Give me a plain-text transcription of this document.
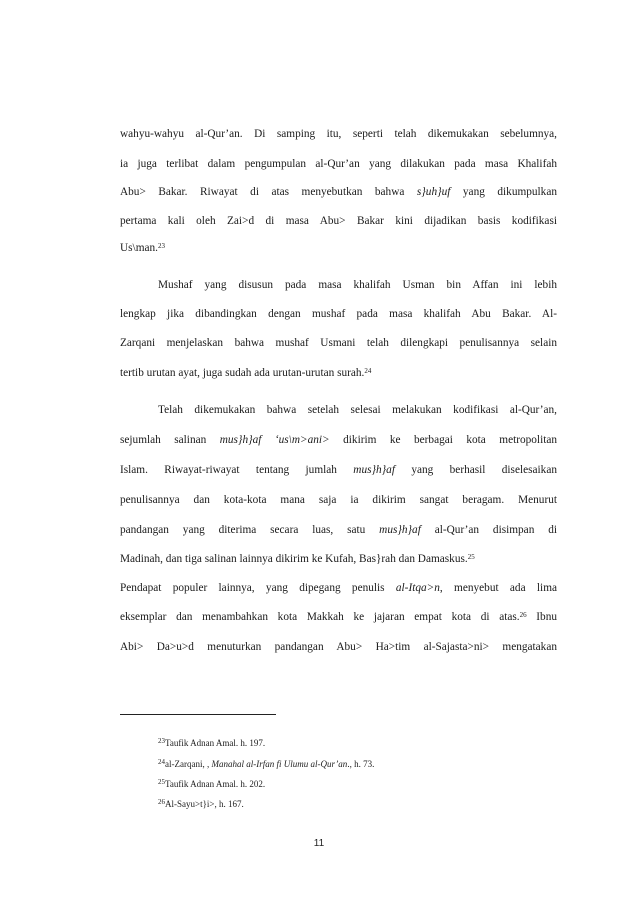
wahyu-wahyu al-Qur’an. Di samping itu, seperti telah dikemukakan sebelumnya,
ia juga terlibat dalam pengumpulan al-Qur’an yang dilakukan pada masa Khalifah
Abu> Bakar. Riwayat di atas menyebutkan bahwa s}uh}uf yang dikumpulkan
pertama kali oleh Zai>d di masa Abu> Bakar kini dijadikan basis kodifikasi
Us\man.$^{23}$
Mushaf yang disusun pada masa khalifah Usman bin Affan ini lebih
lengkap jika dibandingkan dengan mushaf pada masa khalifah Abu Bakar. Al-
Zarqani menjelaskan bahwa mushaf Usmani telah dilengkapi penulisannya selain
tertib urutan ayat, juga sudah ada urutan-urutan surah.$^{24}$
Telah dikemukakan bahwa setelah selesai melakukan kodifikasi al-Qur’an,
sejumlah salinan mus}h}af ‘us\m>ani> dikirim ke berbagai kota metropolitan
Islam. Riwayat-riwayat tentang jumlah mus}h}af yang berhasil diselesaikan
penulisannya dan kota-kota mana saja ia dikirim sangat beragam. Menurut
pandangan yang diterima secara luas, satu mus}h}af al-Qur’an disimpan di
Madinah, dan tiga salinan lainnya dikirim ke Kufah, Bas}rah dan Damaskus.$^{25}$
Pendapat populer lainnya, yang dipegang penulis al-Itqa>n, menyebut ada lima
eksemplar dan menambahkan kota Makkah ke jajaran empat kota di atas.$^{26}$ Ibnu
Abi> Da>u>d menuturkan pandangan Abu> Ha>tim al-Sajasta>ni> mengatakan
$^{23}$Taufik Adnan Amal. h. 197.
$^{24}$al-Zarqani, , Manahal al-Irfan fi Ulumu al-Qur’an., h. 73.
$^{25}$Taufik Adnan Amal. h. 202.
$^{26}$Al-Sayu>t}i>, h. 167.
11
